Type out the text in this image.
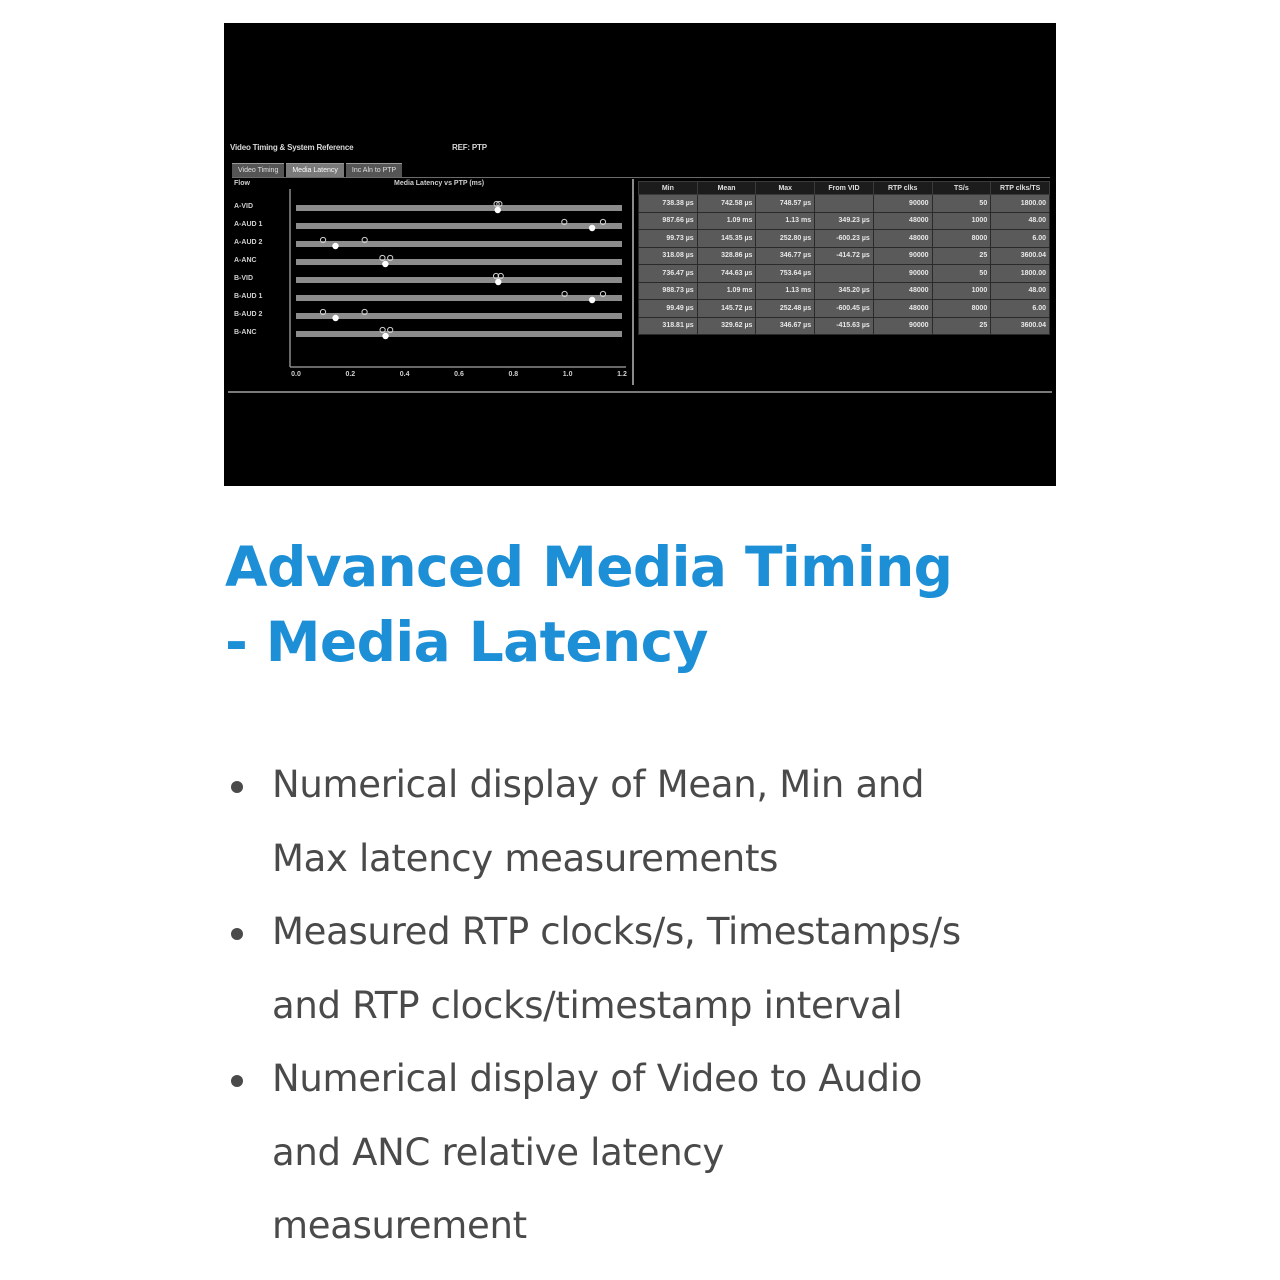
Video Timing & System Reference	REF: PTP
Video Timing	Media Latency	Inc Aln to PTP
Flow	Media Latency vs PTP (ms)
A-VID
A-AUD 1
A-AUD 2
A-ANC
B-VID
B-AUD 1
B-AUD 2
B-ANC
0.0	0.2	0.4	0.6	0.8	1.0	1.2
Min	Mean	Max	From VID	RTP clks	TS/s	RTP clks/TS
738.38 µs	742.58 µs	748.57 µs		90000	50	1800.00
987.66 µs	1.09 ms	1.13 ms	349.23 µs	48000	1000	48.00
99.73 µs	145.35 µs	252.80 µs	-600.23 µs	48000	8000	6.00
318.08 µs	328.86 µs	346.77 µs	-414.72 µs	90000	25	3600.04
736.47 µs	744.63 µs	753.64 µs		90000	50	1800.00
988.73 µs	1.09 ms	1.13 ms	345.20 µs	48000	1000	48.00
99.49 µs	145.72 µs	252.48 µs	-600.45 µs	48000	8000	6.00
318.81 µs	329.62 µs	346.67 µs	-415.63 µs	90000	25	3600.04
Advanced Media Timing
- Media Latency
Numerical display of Mean, Min and
Max latency measurements
Measured RTP clocks/s, Timestamps/s
and RTP clocks/timestamp interval
Numerical display of Video to Audio
and ANC relative latency
measurement
